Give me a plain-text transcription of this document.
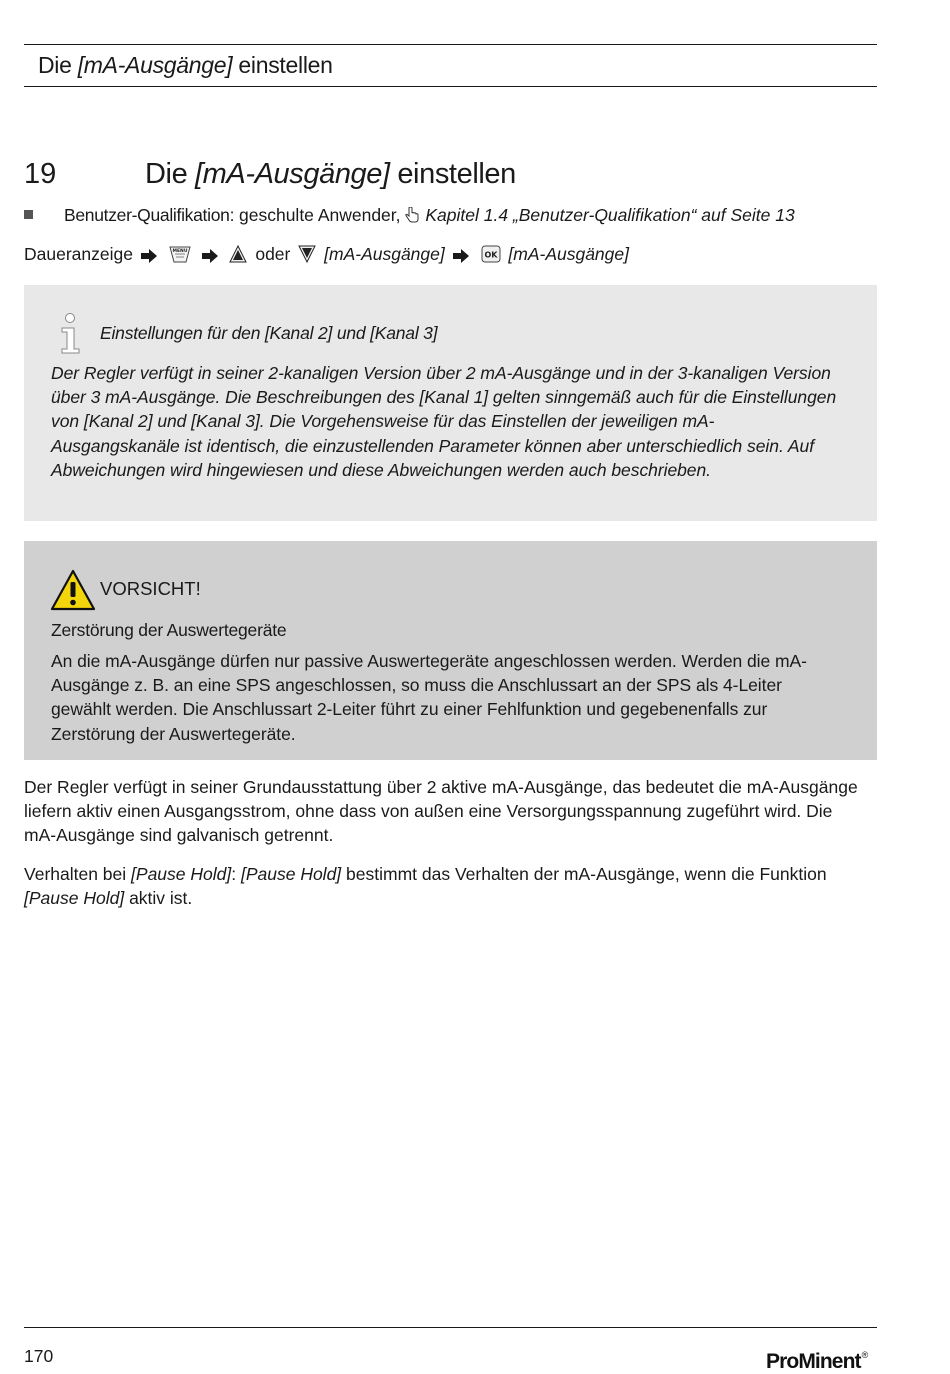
Die [mA-Ausgänge] einstellen
19	Die [mA-Ausgänge] einstellen
Benutzer-Qualifikation: geschulte Anwender, Kapitel 1.4 „Benutzer-Qualifikation“ auf Seite 13
Daueranzeige	MENU	oder [mA-Ausgänge]	OK [mA-Ausgänge]
Einstellungen für den [Kanal 2] und [Kanal 3]
Der Regler verfügt in seiner 2-kanaligen Version über 2 mA-Ausgänge und in der 3-kanaligen Version über 3 mA-Ausgänge. Die Beschreibungen des [Kanal 1] gelten sinngemäß auch für die Einstellungen von [Kanal 2] und [Kanal 3]. Die Vorgehensweise für das Einstellen der jeweiligen mA-Ausgangskanäle ist identisch, die einzustellenden Parameter können aber unterschiedlich sein. Auf Abweichungen wird hingewiesen und diese Abweichungen werden auch beschrieben.
VORSICHT!
Zerstörung der Auswertegeräte
An die mA-Ausgänge dürfen nur passive Auswertegeräte angeschlossen werden. Werden die mA-Ausgänge z. B. an eine SPS angeschlossen, so muss die Anschlussart an der SPS als 4-Leiter gewählt werden. Die Anschlussart 2-Leiter führt zu einer Fehlfunktion und gegebenenfalls zur Zerstörung der Auswertegeräte.
Der Regler verfügt in seiner Grundausstattung über 2 aktive mA-Ausgänge, das bedeutet die mA-Ausgänge liefern aktiv einen Ausgangsstrom, ohne dass von außen eine Versorgungsspannung zugeführt wird. Die mA-Ausgänge sind galvanisch getrennt.
Verhalten bei [Pause Hold]: [Pause Hold] bestimmt das Verhalten der mA-Ausgänge, wenn die Funktion [Pause Hold] aktiv ist.
170	ProMinent®
